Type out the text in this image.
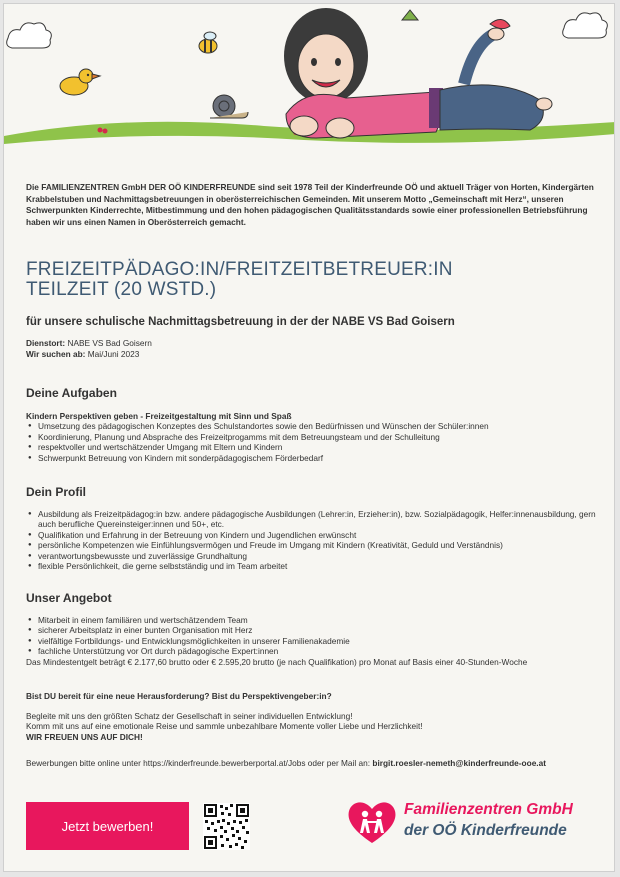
Die FAMILIENZENTREN GmbH DER OÖ KINDERFREUNDE sind seit 1978 Teil der Kinderfreunde OÖ und aktuell Träger von Horten, Kindergärten Krabbelstuben und Nachmittagsbetreuungen in oberösterreichischen Gemeinden. Mit unserem Motto „Gemeinschaft mit Herz“, unseren Schwerpunkten Kinderrechte, Mitbestimmung und den hohen pädagogischen Qualitätsstandards sowie einer professionellen Betriebsführung haben wir uns einen Namen in Oberösterreich gemacht.
FREIZEITPÄDAGO:IN/FREITZEITBETREUER:IN
TEILZEIT (20 WSTD.)
für unsere schulische Nachmittagsbetreuung in der der NABE VS Bad Goisern
Dienstort: NABE VS Bad Goisern
Wir suchen ab: Mai/Juni 2023
Deine Aufgaben
Kindern Perspektiven geben - Freizeitgestaltung mit Sinn und Spaß
● Umsetzung des pädagogischen Konzeptes des Schulstandortes sowie den Bedürfnissen und Wünschen der Schüler:innen
● Koordinierung, Planung und Absprache des Freizeitprogamms mit dem Betreuungsteam und der Schulleitung
● respektvoller und wertschätzender Umgang mit Eltern und Kindern
● Schwerpunkt Betreuung von Kindern mit sonderpädagogischem Förderbedarf
Dein Profil
● Ausbildung als Freizeitpädagog:in bzw. andere pädagogische Ausbildungen (Lehrer:in, Erzieher:in), bzw. Sozialpädagogik, Helfer:innenausbildung, gern auch berufliche Quereinsteiger:innen und 50+, etc.
● Qualifikation und Erfahrung in der Betreuung von Kindern und Jugendlichen erwünscht
● persönliche Kompetenzen wie Einfühlungsvermögen und Freude im Umgang mit Kindern (Kreativität, Geduld und Verständnis)
● verantwortungsbewusste und zuverlässige Grundhaltung
● flexible Persönlichkeit, die gerne selbstständig und im Team arbeitet
Unser Angebot
● Mitarbeit in einem familiären und wertschätzendem Team
● sicherer Arbeitsplatz in einer bunten Organisation mit Herz
● vielfältige Fortbildungs- und Entwicklungsmöglichkeiten in unserer Familienakademie
● fachliche Unterstützung vor Ort durch pädagogische Expert:innen
Das Mindestentgelt beträgt € 2.177,60 brutto oder € 2.595,20 brutto (je nach Qualifikation) pro Monat auf Basis einer 40-Stunden-Woche
Bist DU bereit für eine neue Herausforderung? Bist du Perspektivengeber:in?
Begleite mit uns den größten Schatz der Gesellschaft in seiner individuellen Entwicklung!
Komm mit uns auf eine emotionale Reise und sammle unbezahlbare Momente voller Liebe und Herzlichkeit!
WIR FREUEN UNS AUF DICH!
Bewerbungen bitte online unter https://kinderfreunde.bewerberportal.at/Jobs oder per Mail an: birgit.roesler-nemeth@kinderfreunde-ooe.at
Jetzt bewerben!
Familienzentren GmbH
der OÖ Kinderfreunde
